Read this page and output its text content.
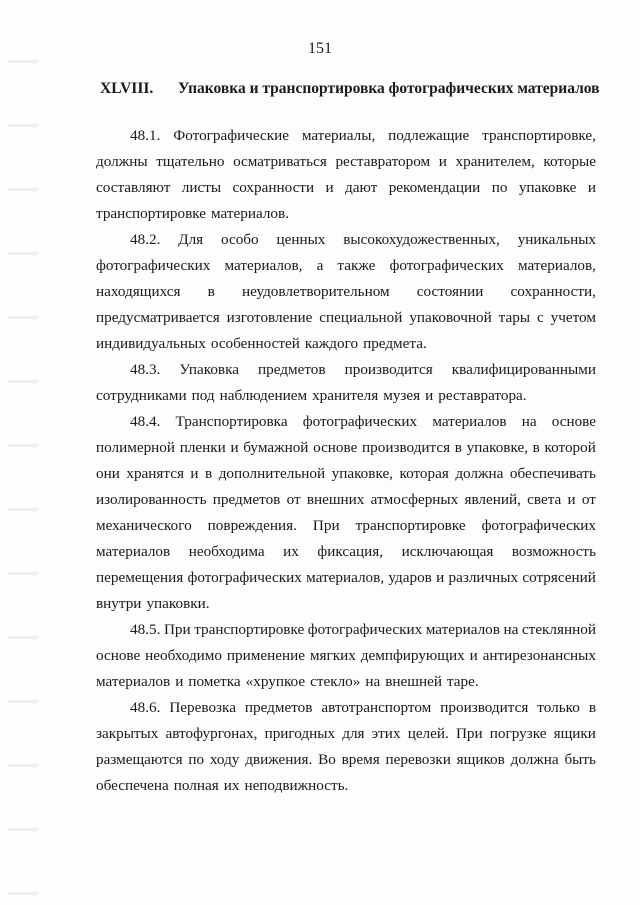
151
XLVIII. Упаковка и транспортировка фотографических материалов
48.1. Фотографические материалы, подлежащие транспортировке,
должны тщательно осматриваться реставратором и хранителем, которые
составляют листы сохранности и дают рекомендации по упаковке и
транспортировке материалов.
48.2. Для особо ценных высокохудожественных, уникальных
фотографических материалов, а также фотографических материалов,
находящихся в неудовлетворительном состоянии сохранности,
предусматривается изготовление специальной упаковочной тары с учетом
индивидуальных особенностей каждого предмета.
48.3. Упаковка предметов производится квалифицированными
сотрудниками под наблюдением хранителя музея и реставратора.
48.4. Транспортировка фотографических материалов на основе
полимерной пленки и бумажной основе производится в упаковке, в которой
они хранятся и в дополнительной упаковке, которая должна обеспечивать
изолированность предметов от внешних атмосферных явлений, света и от
механического повреждения. При транспортировке фотографических
материалов необходима их фиксация, исключающая возможность
перемещения фотографических материалов, ударов и различных сотрясений
внутри упаковки.
48.5. При транспортировке фотографических материалов на стеклянной
основе необходимо применение мягких демпфирующих и антирезонансных
материалов и пометка «хрупкое стекло» на внешней таре.
48.6. Перевозка предметов автотранспортом производится только в
закрытых автофургонах, пригодных для этих целей. При погрузке ящики
размещаются по ходу движения. Во время перевозки ящиков должна быть
обеспечена полная их неподвижность.
